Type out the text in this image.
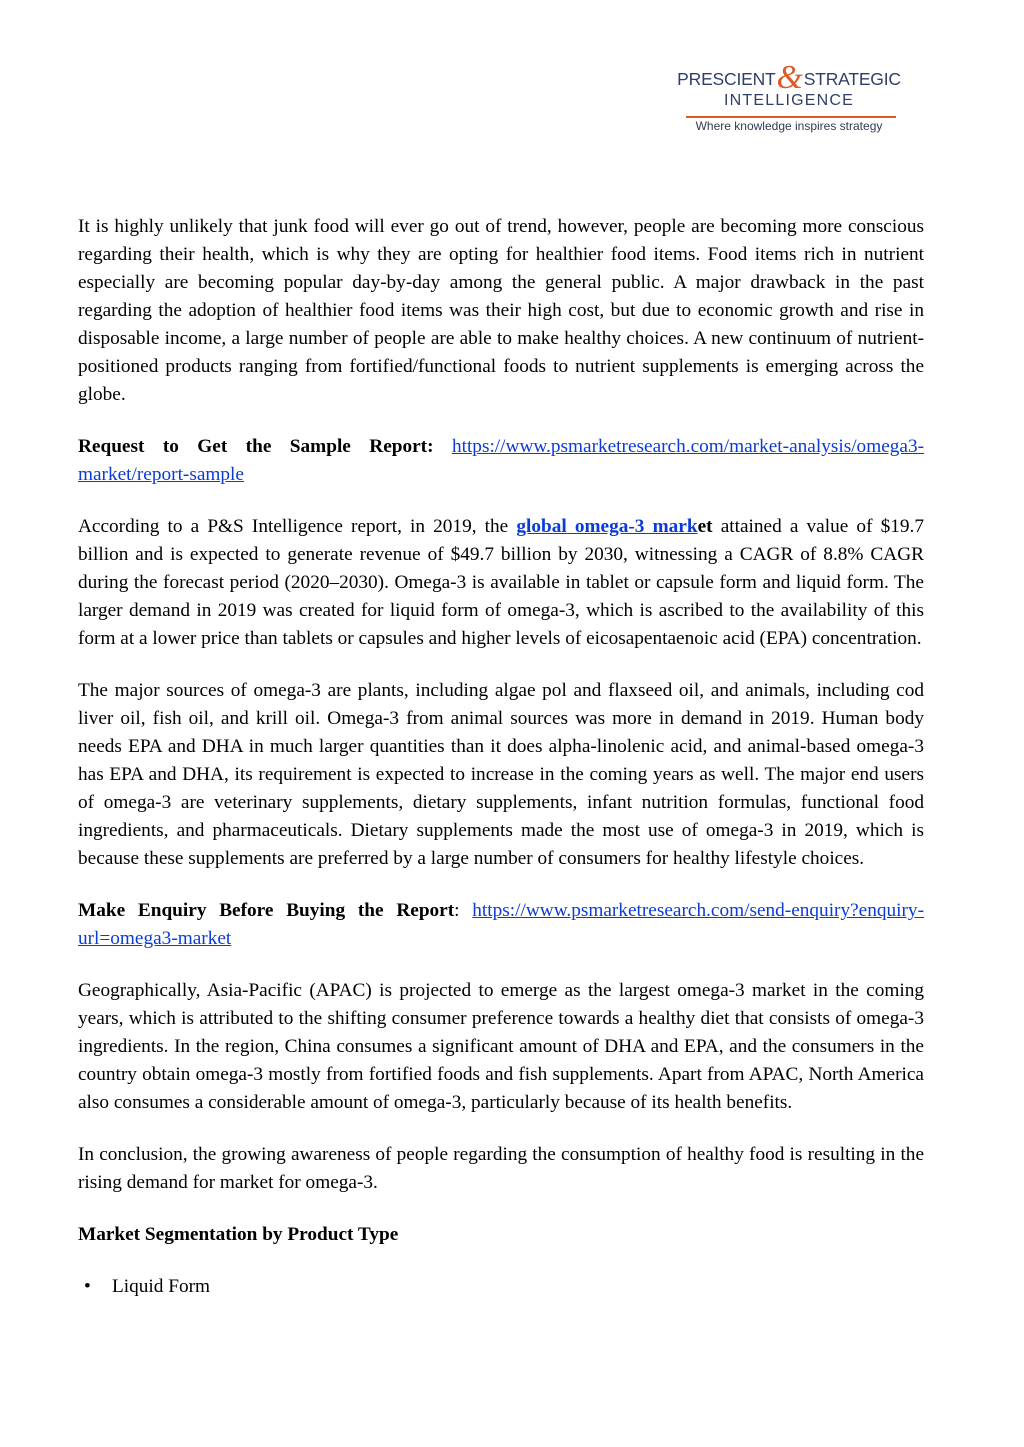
PRESCIENT & STRATEGIC
INTELLIGENCE
Where knowledge inspires strategy

It is highly unlikely that junk food will ever go out of trend, however, people are becoming more conscious regarding their health, which is why they are opting for healthier food items. Food items rich in nutrient especially are becoming popular day-by-day among the general public. A major drawback in the past regarding the adoption of healthier food items was their high cost, but due to economic growth and rise in disposable income, a large number of people are able to make healthy choices. A new continuum of nutrient-positioned products ranging from fortified/functional foods to nutrient supplements is emerging across the globe.

Request to Get the Sample Report: https://www.psmarketresearch.com/market-analysis/omega3-market/report-sample

According to a P&S Intelligence report, in 2019, the global omega-3 market attained a value of $19.7 billion and is expected to generate revenue of $49.7 billion by 2030, witnessing a CAGR of 8.8% CAGR during the forecast period (2020–2030). Omega-3 is available in tablet or capsule form and liquid form. The larger demand in 2019 was created for liquid form of omega-3, which is ascribed to the availability of this form at a lower price than tablets or capsules and higher levels of eicosapentaenoic acid (EPA) concentration.

The major sources of omega-3 are plants, including algae pol and flaxseed oil, and animals, including cod liver oil, fish oil, and krill oil. Omega-3 from animal sources was more in demand in 2019. Human body needs EPA and DHA in much larger quantities than it does alpha-linolenic acid, and animal-based omega-3 has EPA and DHA, its requirement is expected to increase in the coming years as well. The major end users of omega-3 are veterinary supplements, dietary supplements, infant nutrition formulas, functional food ingredients, and pharmaceuticals. Dietary supplements made the most use of omega-3 in 2019, which is because these supplements are preferred by a large number of consumers for healthy lifestyle choices.

Make Enquiry Before Buying the Report: https://www.psmarketresearch.com/send-enquiry?enquiry-url=omega3-market

Geographically, Asia-Pacific (APAC) is projected to emerge as the largest omega-3 market in the coming years, which is attributed to the shifting consumer preference towards a healthy diet that consists of omega-3 ingredients. In the region, China consumes a significant amount of DHA and EPA, and the consumers in the country obtain omega-3 mostly from fortified foods and fish supplements. Apart from APAC, North America also consumes a considerable amount of omega-3, particularly because of its health benefits.

In conclusion, the growing awareness of people regarding the consumption of healthy food is resulting in the rising demand for market for omega-3.

Market Segmentation by Product Type

• Liquid Form
